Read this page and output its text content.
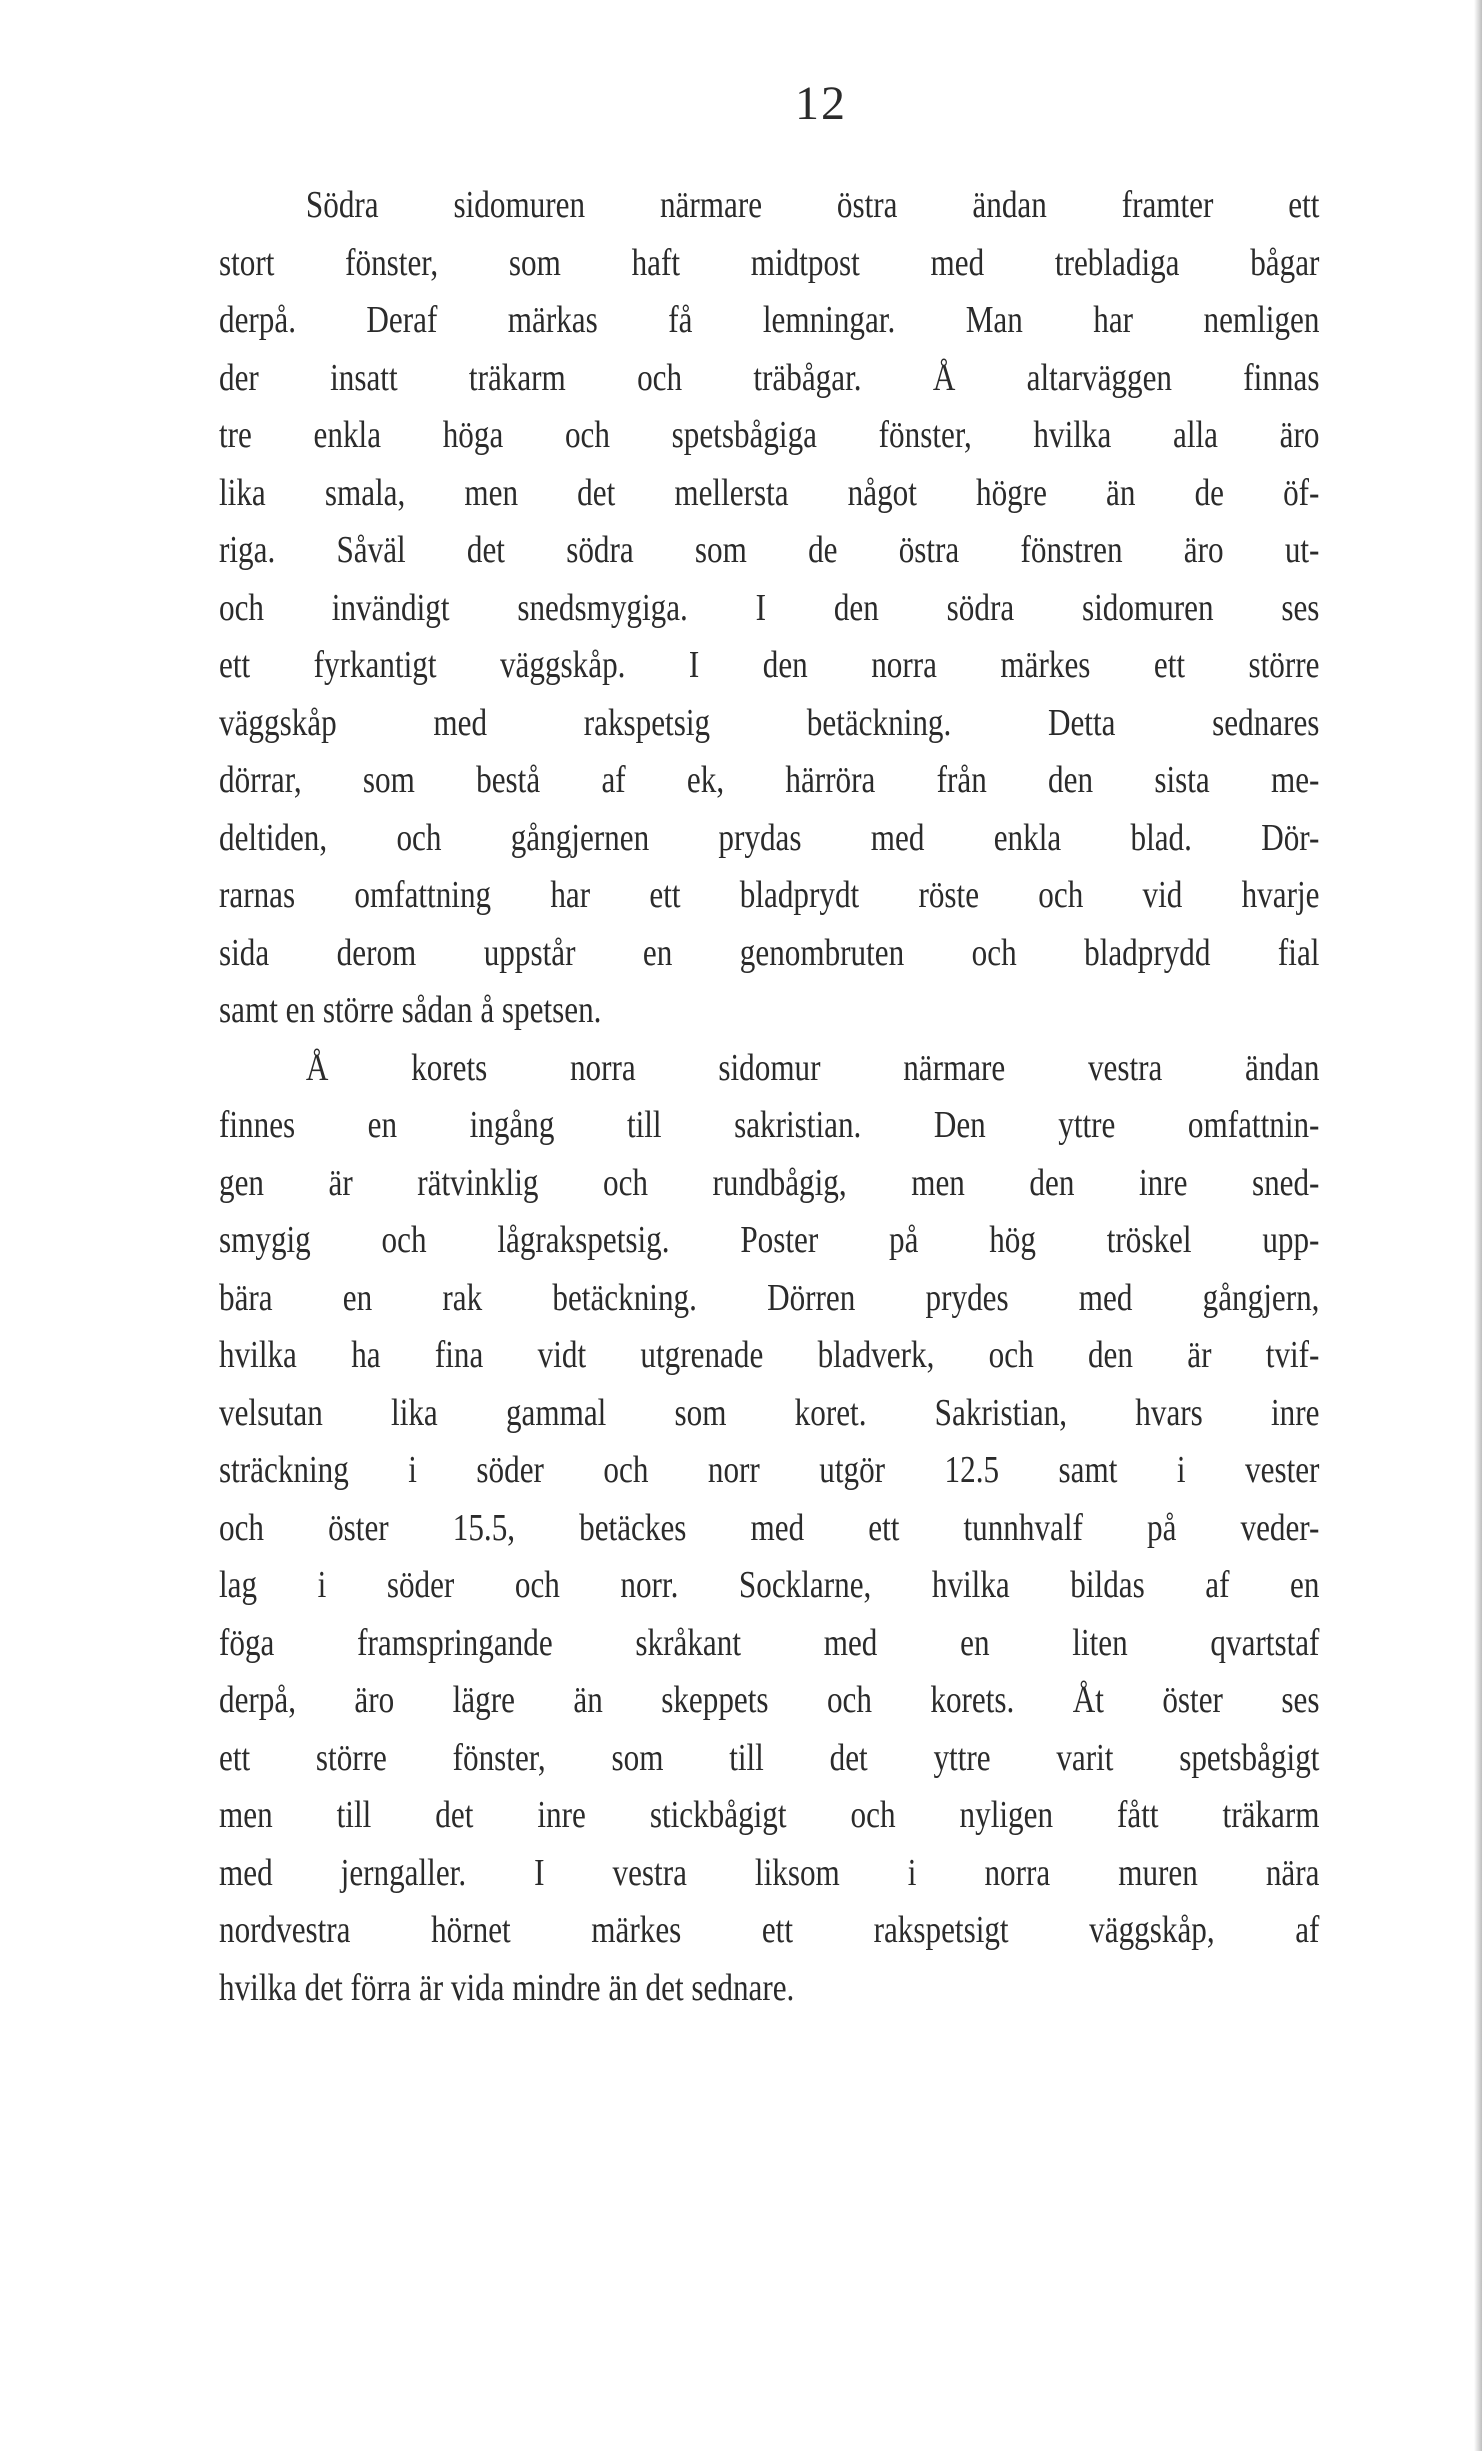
12
Södra sidomuren närmare östra ändan framter ett
stort fönster, som haft midtpost med trebladiga bågar
derpå. Deraf märkas få lemningar. Man har nemligen
der insatt träkarm och träbågar. Å altarväggen finnas
tre enkla höga och spetsbågiga fönster, hvilka alla äro
lika smala, men det mellersta något högre än de öf-
riga. Såväl det södra som de östra fönstren äro ut-
och invändigt snedsmygiga. I den södra sidomuren ses
ett fyrkantigt väggskåp. I den norra märkes ett större
väggskåp med rakspetsig betäckning. Detta sednares
dörrar, som bestå af ek, härröra från den sista me-
deltiden, och gångjernen prydas med enkla blad. Dör-
rarnas omfattning har ett bladprydt röste och vid hvarje
sida derom uppstår en genombruten och bladprydd fial
samt en större sådan å spetsen.
Å korets norra sidomur närmare vestra ändan
finnes en ingång till sakristian. Den yttre omfattnin-
gen är rätvinklig och rundbågig, men den inre sned-
smygig och lågrakspetsig. Poster på hög tröskel upp-
bära en rak betäckning. Dörren prydes med gångjern,
hvilka ha fina vidt utgrenade bladverk, och den är tvif-
velsutan lika gammal som koret. Sakristian, hvars inre
sträckning i söder och norr utgör 12.5 samt i vester
och öster 15.5, betäckes med ett tunnhvalf på veder-
lag i söder och norr. Socklarne, hvilka bildas af en
föga framspringande skråkant med en liten qvartstaf
derpå, äro lägre än skeppets och korets. Åt öster ses
ett större fönster, som till det yttre varit spetsbågigt
men till det inre stickbågigt och nyligen fått träkarm
med jerngaller. I vestra liksom i norra muren nära
nordvestra hörnet märkes ett rakspetsigt väggskåp, af
hvilka det förra är vida mindre än det sednare.
